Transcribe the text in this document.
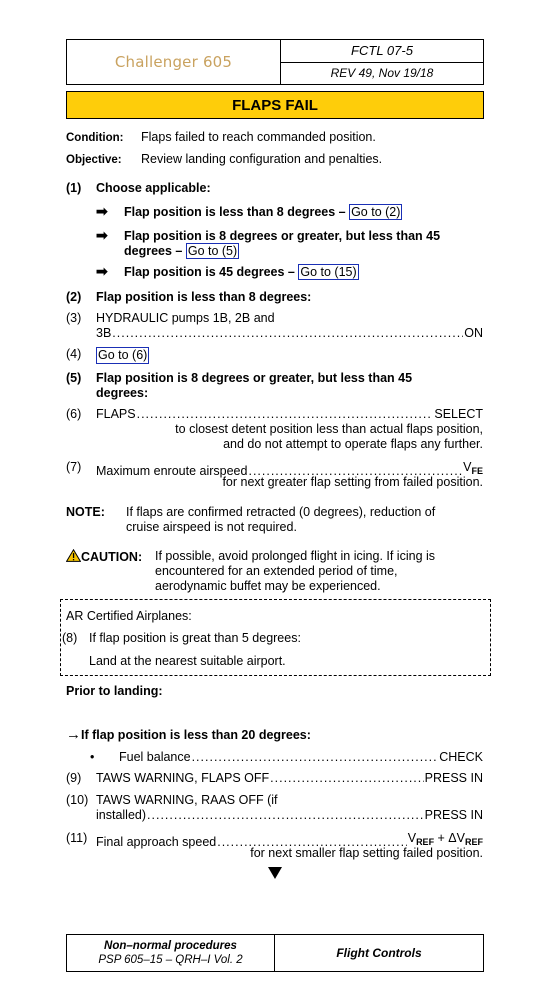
Challenger 605
FCTL 07-5
REV 49, Nov 19/18
FLAPS FAIL
Condition: Flaps failed to reach commanded position.
Objective: Review landing configuration and penalties.
(1) Choose applicable:
➡ Flap position is less than 8 degrees – Go to (2)
➡ Flap position is 8 degrees or greater, but less than 45
degrees – Go to (5)
➡ Flap position is 45 degrees – Go to (15)
(2) Flap position is less than 8 degrees:
(3) HYDRAULIC pumps 1B, 2B and
3B .....	ON
(4) Go to (6)
(5) Flap position is 8 degrees or greater, but less than 45
degrees:
(6) FLAPS .....	SELECT
to closest detent position less than actual flaps position,
and do not attempt to operate flaps any further.
(7) Maximum enroute airspeed .....	$V_{FE}$
for next greater flap setting from failed position.
NOTE: If flaps are confirmed retracted (0 degrees), reduction of
cruise airspeed is not required.
CAUTION: If possible, avoid prolonged flight in icing. If icing is
encountered for an extended period of time,
aerodynamic buffet may be experienced.
AR Certified Airplanes:
(8) If flap position is great than 5 degrees:
Land at the nearest suitable airport.
Prior to landing:
→If flap position is less than 20 degrees:
• Fuel balance .....	CHECK
(9) TAWS WARNING, FLAPS OFF .....	PRESS IN
(10) TAWS WARNING, RAAS OFF (if
installed) .....	PRESS IN
(11) Final approach speed .....	$V_{REF} + \Delta V_{REF}$
for next smaller flap setting failed position.
Non–normal procedures
PSP 605–15 – QRH–I Vol. 2	Flight Controls
